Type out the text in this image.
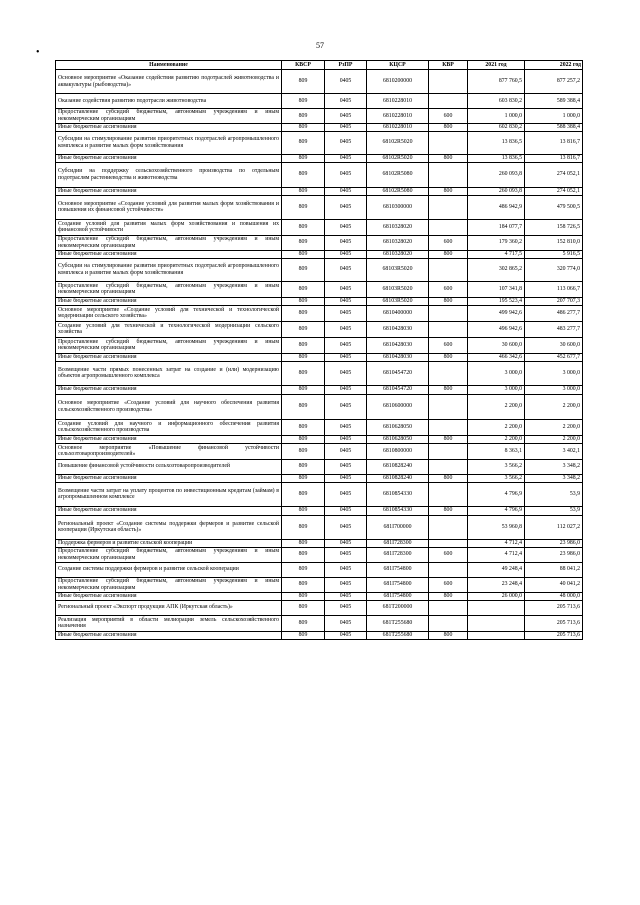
57
•
Наименование	КВСР	РзПР	КЦСР	КВР	2021 год	2022 год
Основное мероприятие «Оказание содействия развитию подотраслей животноводства и аквакультуры (рыбоводства)»	809	0405	6810200000		877 760,5	877 257,2
Оказание содействия развитию подотрасли животноводства	809	0405	6810228010		603 830,2	589 388,4
Предоставление субсидий бюджетным, автономным учреждениям и иным некоммерческим организациям	809	0405	6810228010	600	1 000,0	1 000,0
Иные бюджетные ассигнования	809	0405	6810228010	800	602 830,2	588 388,4
Субсидии на стимулирование развития приоритетных подотраслей агропромышленного комплекса и развитие малых форм хозяйствования	809	0405	68102R5020		13 836,5	13 816,7
Иные бюджетные ассигнования	809	0405	68102R5020	800	13 836,5	13 816,7
Субсидии на поддержку сельскохозяйственного производства по отдельным подотраслям растениеводства и животноводства	809	0405	68102R5080		260 093,8	274 052,1
Иные бюджетные ассигнования	809	0405	68102R5080	800	260 093,8	274 052,1
Основное мероприятие «Создание условий для развития малых форм хозяйствования и повышения их финансовой устойчивости»	809	0405	6810300000		486 942,9	479 500,5
Создание условий для развития малых форм хозяйствования и повышения их финансовой устойчивости	809	0405	6810328020		184 077,7	158 726,5
Предоставление субсидий бюджетным, автономным учреждениям и иным некоммерческим организациям	809	0405	6810328020	600	179 360,2	152 810,0
Иные бюджетные ассигнования	809	0405	6810328020	800	4 717,5	5 916,5
Субсидии на стимулирование развития приоритетных подотраслей агропромышленного комплекса и развитие малых форм хозяйствования	809	0405	68103R5020		302 865,2	320 774,0
Предоставление субсидий бюджетным, автономным учреждениям и иным некоммерческим организациям	809	0405	68103R5020	600	107 341,8	113 066,7
Иные бюджетные ассигнования	809	0405	68103R5020	800	195 523,4	207 707,3
Основное мероприятие «Создание условий для технической и технологической модернизации сельского хозяйства»	809	0405	6810400000		499 942,6	486 277,7
Создание условий для технической и технологической модернизации сельского хозяйства	809	0405	6810428030		496 942,6	483 277,7
Предоставление субсидий бюджетным, автономным учреждениям и иным некоммерческим организациям	809	0405	6810428030	600	30 600,0	30 600,0
Иные бюджетные ассигнования	809	0405	6810428030	800	466 342,6	452 677,7
Возмещение части прямых понесенных затрат на создание и (или) модернизацию объектов агропромышленного комплекса	809	0405	6810454720		3 000,0	3 000,0
Иные бюджетные ассигнования	809	0405	6810454720	800	3 000,0	3 000,0
Основное мероприятие «Создание условий для научного обеспечения развития сельскохозяйственного производства»	809	0405	6810600000		2 200,0	2 200,0
Создание условий для научного и информационного обеспечения развития сельскохозяйственного производства	809	0405	6810628050		2 200,0	2 200,0
Иные бюджетные ассигнования	809	0405	6810628050	800	2 200,0	2 200,0
Основное мероприятие «Повышение финансовой устойчивости сельхозтоваропроизводителей»	809	0405	6810800000		8 363,1	3 402,1
Повышение финансовой устойчивости сельхозтоваропроизводителей	809	0405	6810828240		3 566,2	3 348,2
Иные бюджетные ассигнования	809	0405	6810828240	800	3 566,2	3 348,2
Возмещение части затрат на уплату процентов по инвестиционным кредитам (займам) в агропромышленном комплексе	809	0405	6810854330		4 796,9	53,9
Иные бюджетные ассигнования	809	0405	6810854330	800	4 796,9	53,9
Региональный проект «Создание системы поддержки фермеров и развитие сельской кооперации (Иркутская область)»	809	0405	681I700000		53 960,8	112 027,2
Поддержка фермеров и развитие сельской кооперации	809	0405	681I728300		4 712,4	23 986,0
Предоставление субсидий бюджетным, автономным учреждениям и иным некоммерческим организациям	809	0405	681I728300	600	4 712,4	23 986,0
Создание системы поддержки фермеров и развитие сельской кооперации	809	0405	681I754800		49 248,4	88 041,2
Предоставление субсидий бюджетным, автономным учреждениям и иным некоммерческим организациям	809	0405	681I754800	600	23 248,4	40 041,2
Иные бюджетные ассигнования	809	0405	681I754800	800	26 000,0	48 000,0
Региональный проект «Экспорт продукции АПК (Иркутская область)»	809	0405	681T200000			205 713,6
Реализация мероприятий в области мелиорации земель сельскохозяйственного назначения	809	0405	681T255680			205 713,6
Иные бюджетные ассигнования	809	0405	681T255680	800		205 713,6
